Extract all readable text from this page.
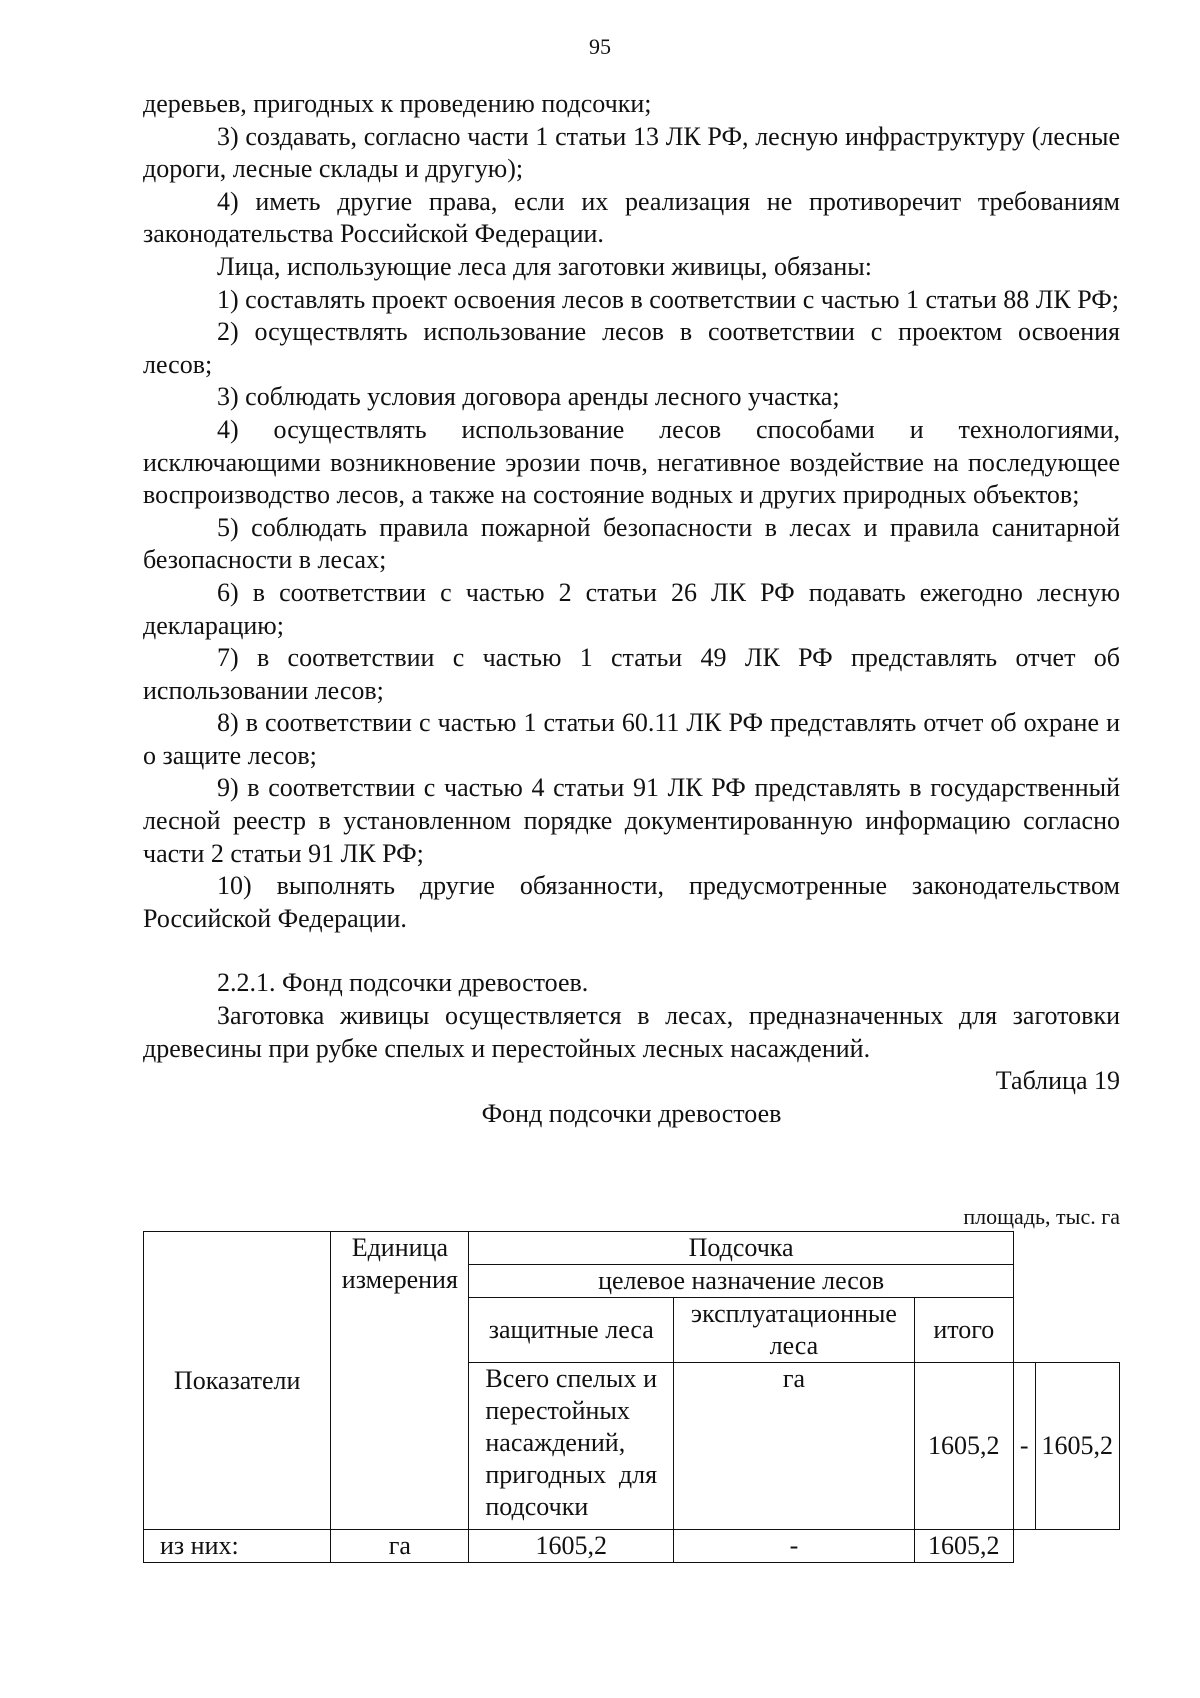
95

деревьев, пригодных к проведению подсочки;

3) создавать, согласно части 1 статьи 13 ЛК РФ, лесную инфраструктуру (лесные дороги, лесные склады и другую);

4) иметь другие права, если их реализация не противоречит требованиям законодательства Российской Федерации.

Лица, использующие леса для заготовки живицы, обязаны:

1) составлять проект освоения лесов в соответствии с частью 1 статьи 88 ЛК РФ;

2) осуществлять использование лесов в соответствии с проектом освоения лесов;

3) соблюдать условия договора аренды лесного участка;

4) осуществлять использование лесов способами и технологиями, исключающими возникновение эрозии почв, негативное воздействие на последующее воспроизводство лесов, а также на состояние водных и других природных объектов;

5) соблюдать правила пожарной безопасности в лесах и правила санитарной безопасности в лесах;

6) в соответствии с частью 2 статьи 26 ЛК РФ подавать ежегодно лесную декларацию;

7) в соответствии с частью 1 статьи 49 ЛК РФ представлять отчет об использовании лесов;

8) в соответствии с частью 1 статьи 60.11 ЛК РФ представлять отчет об охране и о защите лесов;

9) в соответствии с частью 4 статьи 91 ЛК РФ представлять в государственный лесной реестр в установленном порядке документированную информацию согласно части 2 статьи 91 ЛК РФ;

10) выполнять другие обязанности, предусмотренные законодательством Российской Федерации.

2.2.1. Фонд подсочки древостоев.

Заготовка живицы осуществляется в лесах, предназначенных для заготовки древесины при рубке спелых и перестойных лесных насаждений.

Таблица 19

Фонд подсочки древостоев

площадь, тыс. га
Показатели	Единица измерения	Подсочка				
		целевое назначение лесов				
		защитные леса	эксплуатационные леса	итого		
		Всего спелых и перестойных насаждений, пригодных для подсочки	га	1605,2	-	1605,2
из них:	га	1605,2	-	1605,2		
